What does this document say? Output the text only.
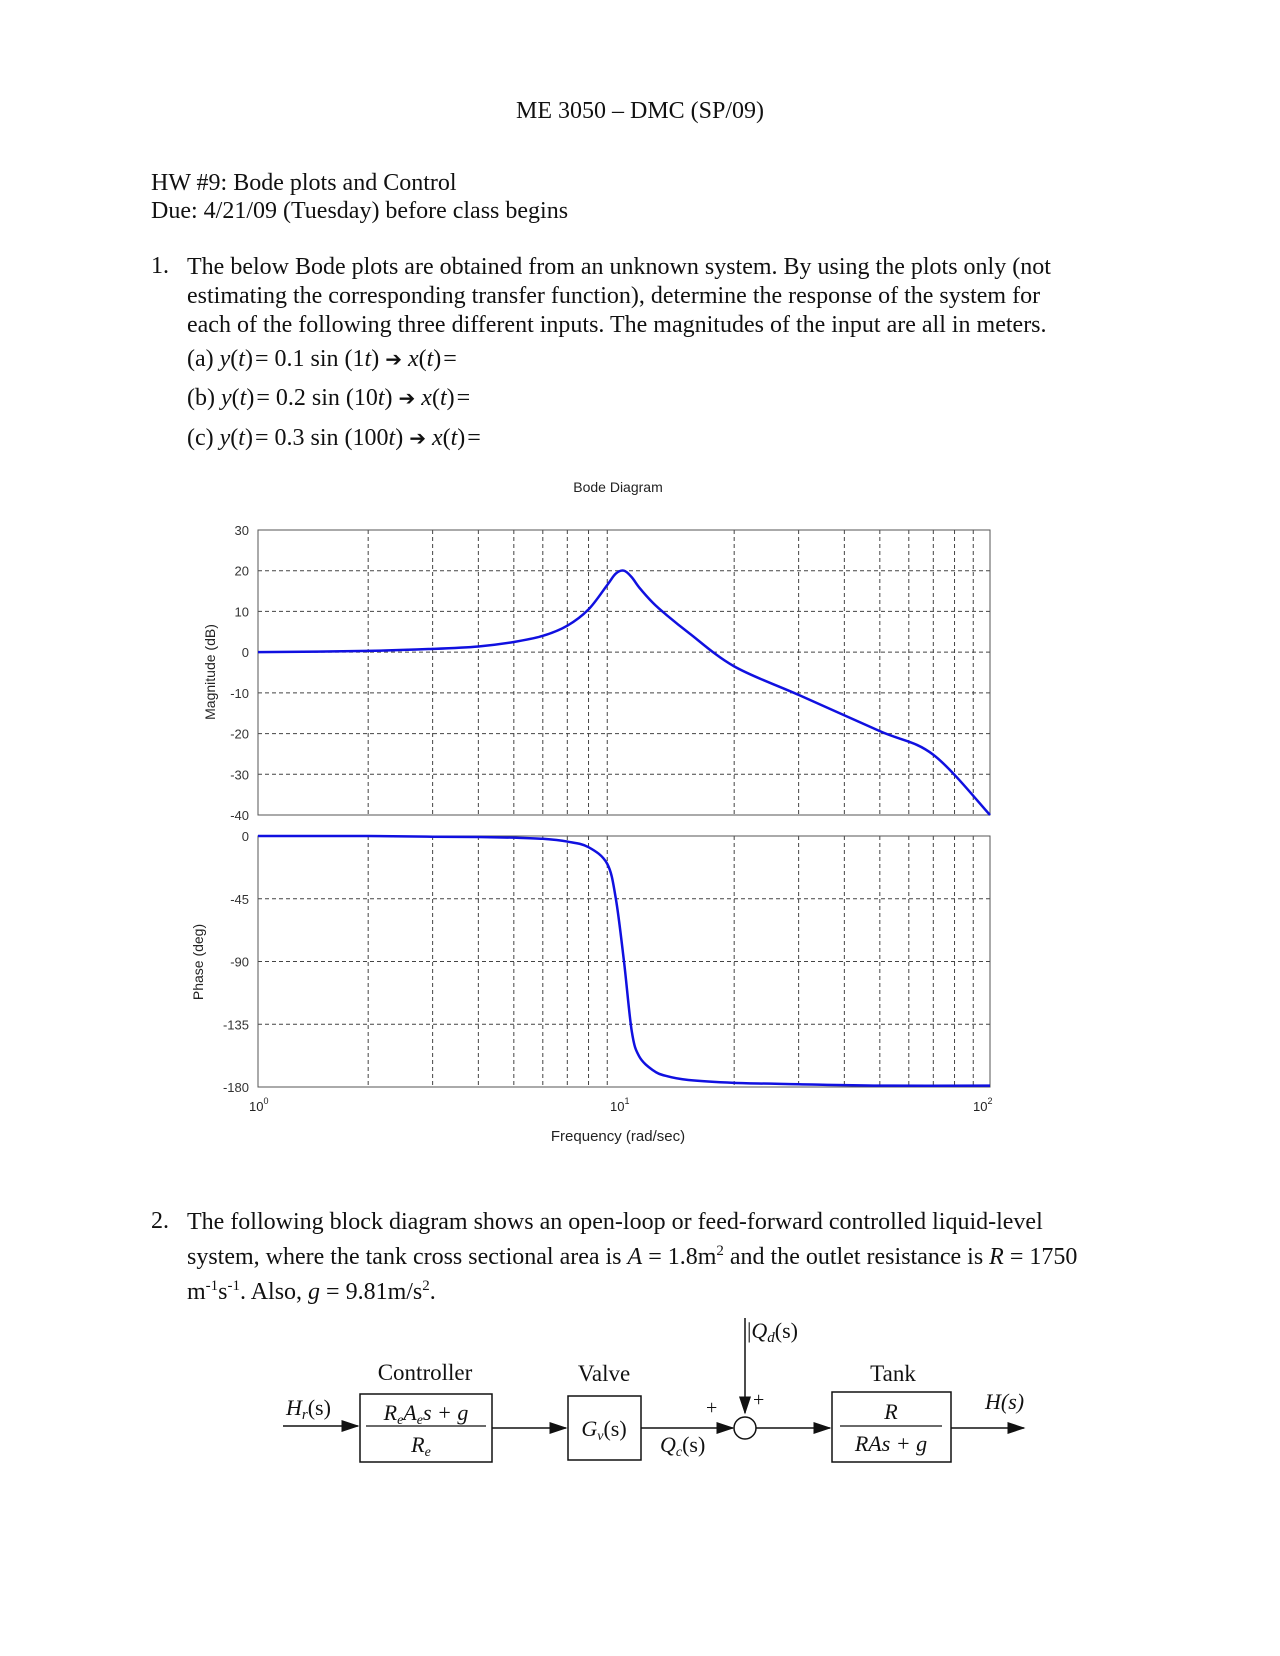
ME 3050 – DMC (SP/09)
HW #9: Bode plots and Control
Due: 4/21/09 (Tuesday) before class begins
1. The below Bode plots are obtained from an unknown system. By using the plots only (not
estimating the corresponding transfer function), determine the response of the system for
each of the following three different inputs. The magnitudes of the input are all in meters.
(a) y(t) = 0.1 sin (1t) ➔ x(t) =
(b) y(t) = 0.2 sin (10t) ➔ x(t) =
(c) y(t) = 0.3 sin (100t) ➔ x(t) =
Bode Diagram
30
20
10
0
-10
-20
-30
-40
Magnitude (dB)
0
-45
-90
-135
-180
Phase (deg)
$10^0$	$10^1$	$10^2$
Frequency (rad/sec)
2. The following block diagram shows an open-loop or feed-forward controlled liquid-level
system, where the tank cross sectional area is $A = 1.8m^2$ and the outlet resistance is R = 1750
$m^{-1}s^{-1}$. Also, $g = 9.81m/s^2$.
|Qd(s)
Controller	Valve	Tank
Hr(s) ReAes + g
Re
Gv(s)
Qc(s)
+ +	R
RAs + g
H(s)
